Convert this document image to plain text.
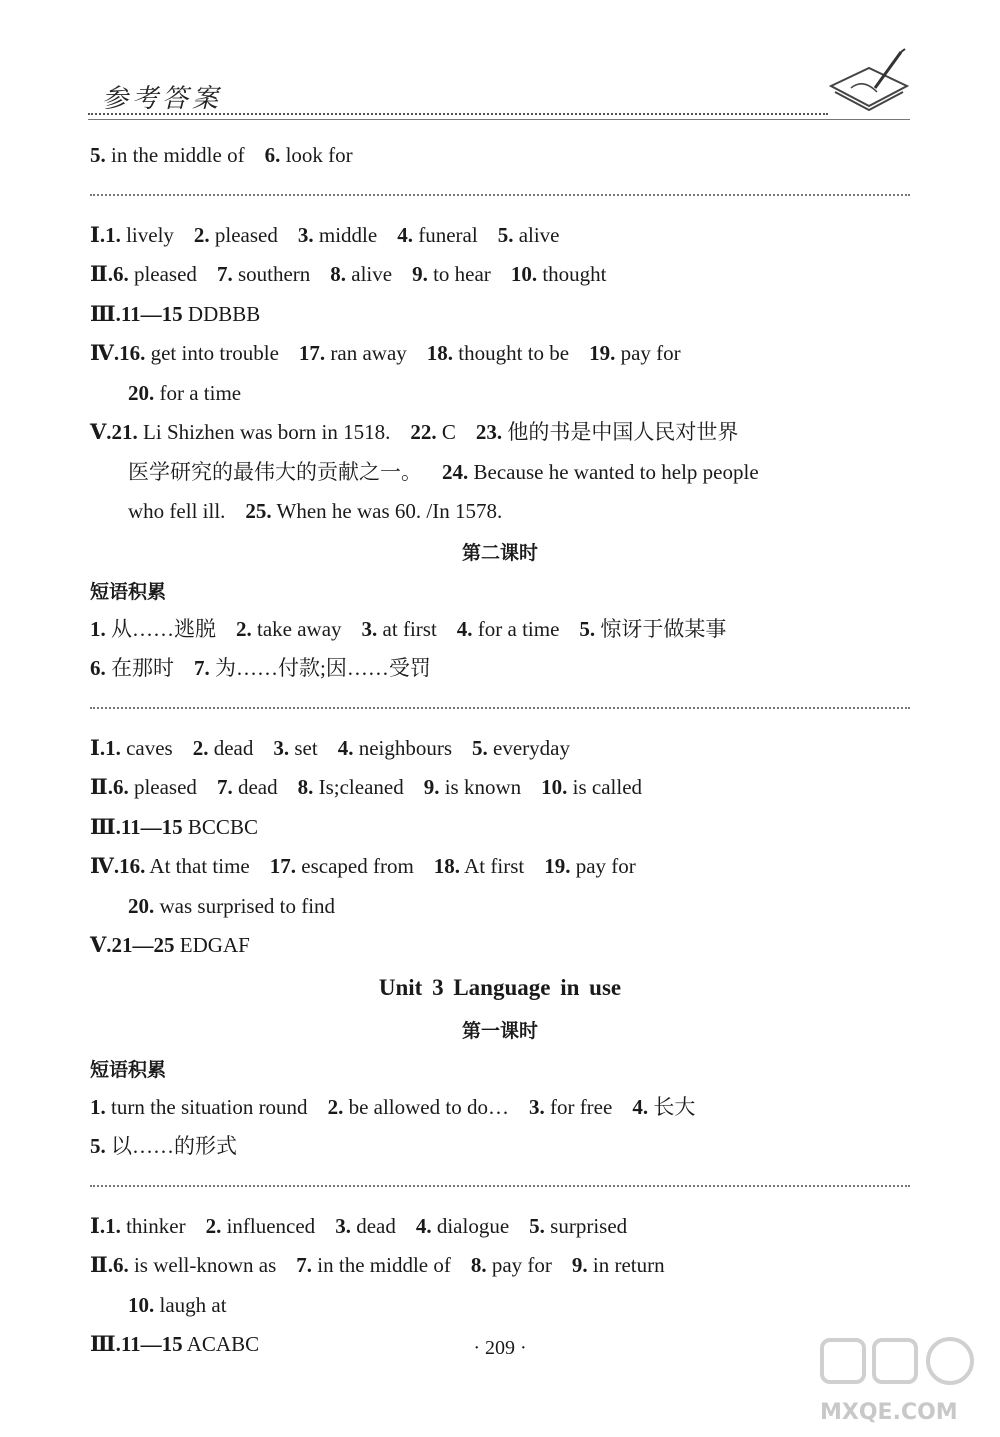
参考答案
5. in the middle of 6. look for
Ⅰ.1. lively 2. pleased 3. middle 4. funeral 5. alive
Ⅱ.6. pleased 7. southern 8. alive 9. to hear 10. thought
Ⅲ.11—15 DDBBB
Ⅳ.16. get into trouble 17. ran away 18. thought to be 19. pay for
20. for a time
Ⅴ.21. Li Shizhen was born in 1518. 22. C 23. 他的书是中国人民对世界
医学研究的最伟大的贡献之一。 24. Because he wanted to help people
who fell ill. 25. When he was 60. /In 1578.
第二课时
短语积累
1. 从……逃脱 2. take away 3. at first 4. for a time 5. 惊讶于做某事
6. 在那时 7. 为……付款;因……受罚
Ⅰ.1. caves 2. dead 3. set 4. neighbours 5. everyday
Ⅱ.6. pleased 7. dead 8. Is;cleaned 9. is known 10. is called
Ⅲ.11—15 BCCBC
Ⅳ.16. At that time 17. escaped from 18. At first 19. pay for
20. was surprised to find
Ⅴ.21—25 EDGAF
Unit 3 Language in use
第一课时
短语积累
1. turn the situation round 2. be allowed to do… 3. for free 4. 长大
5. 以……的形式
Ⅰ.1. thinker 2. influenced 3. dead 4. dialogue 5. surprised
Ⅱ.6. is well-known as 7. in the middle of 8. pay for 9. in return
10. laugh at
Ⅲ.11—15 ACABC	· 209 ·
MXQE.COM
